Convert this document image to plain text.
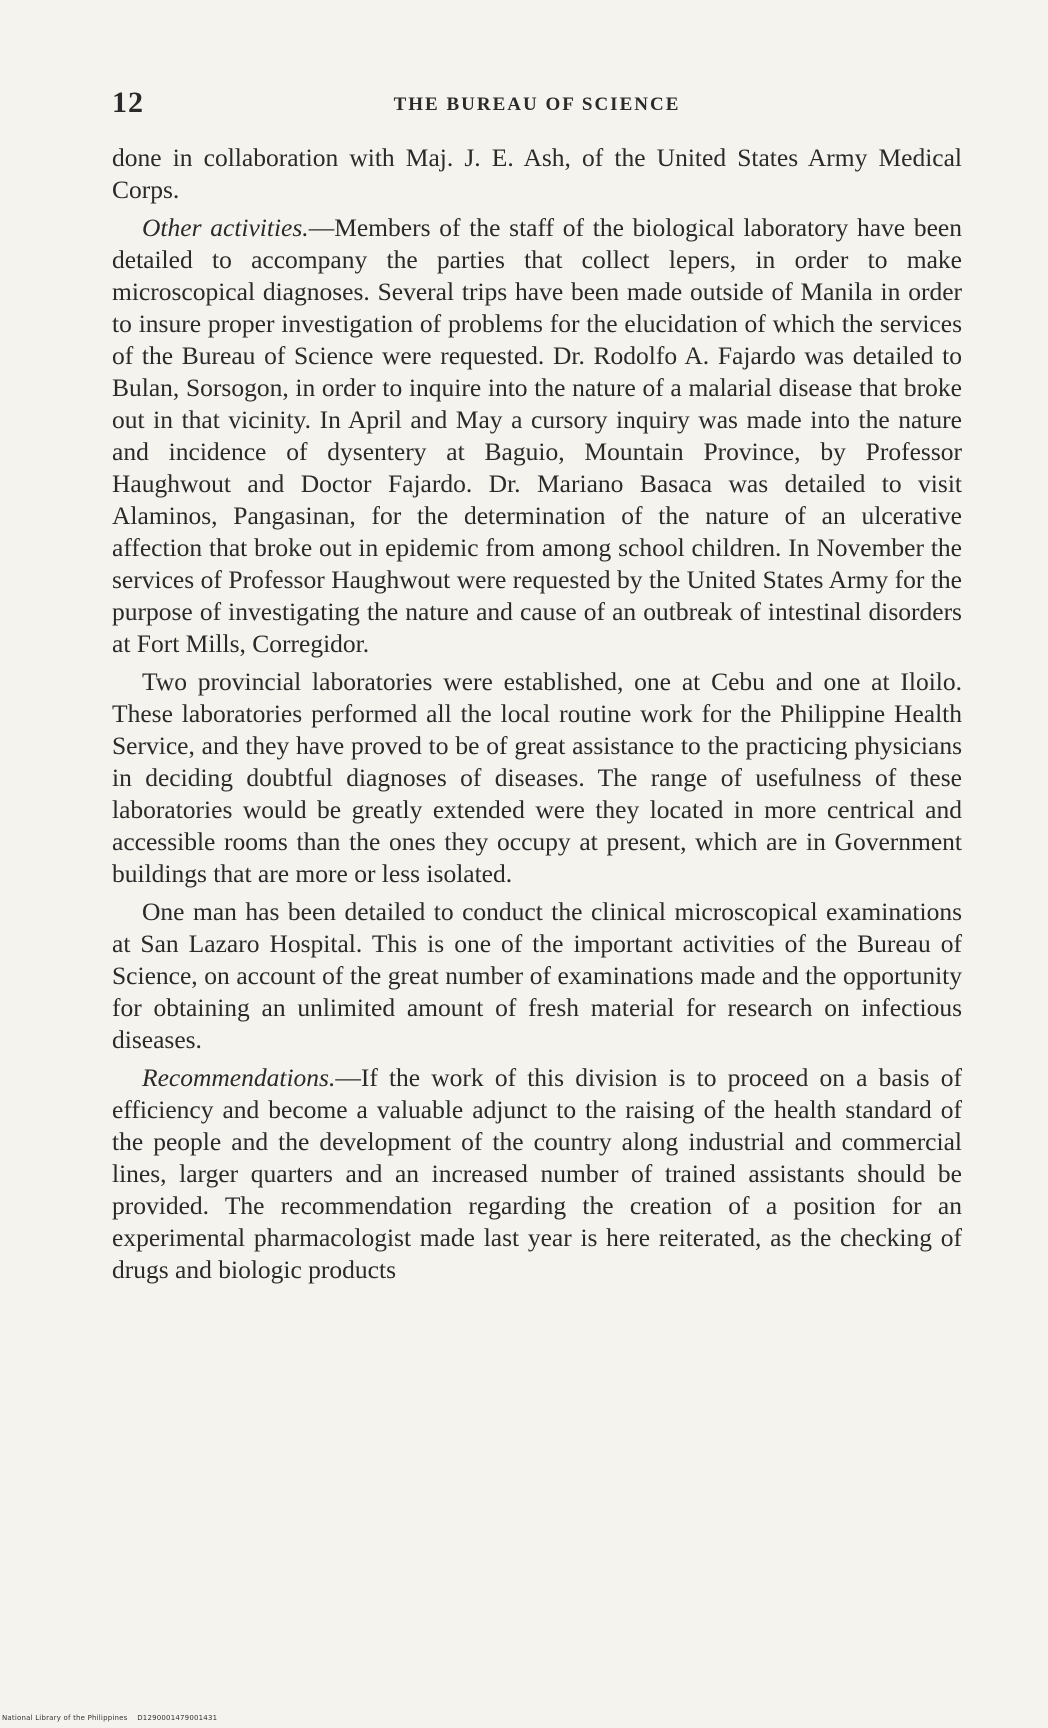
12	THE BUREAU OF SCIENCE

done in collaboration with Maj. J. E. Ash, of the United States Army Medical Corps.

Other activities.—Members of the staff of the biological laboratory have been detailed to accompany the parties that collect lepers, in order to make microscopical diagnoses. Several trips have been made outside of Manila in order to insure proper investigation of problems for the elucidation of which the services of the Bureau of Science were requested. Dr. Rodolfo A. Fajardo was detailed to Bulan, Sorsogon, in order to inquire into the nature of a malarial disease that broke out in that vicinity. In April and May a cursory inquiry was made into the nature and incidence of dysentery at Baguio, Mountain Province, by Professor Haughwout and Doctor Fajardo. Dr. Mariano Basaca was detailed to visit Alaminos, Pangasinan, for the determination of the nature of an ulcerative affection that broke out in epidemic from among school children. In November the services of Professor Haughwout were requested by the United States Army for the purpose of investigating the nature and cause of an outbreak of intestinal disorders at Fort Mills, Corregidor.

Two provincial laboratories were established, one at Cebu and one at Iloilo. These laboratories performed all the local routine work for the Philippine Health Service, and they have proved to be of great assistance to the practicing physicians in deciding doubtful diagnoses of diseases. The range of usefulness of these laboratories would be greatly extended were they located in more centrical and accessible rooms than the ones they occupy at present, which are in Government buildings that are more or less isolated.

One man has been detailed to conduct the clinical microscopical examinations at San Lazaro Hospital. This is one of the important activities of the Bureau of Science, on account of the great number of examinations made and the opportunity for obtaining an unlimited amount of fresh material for research on infectious diseases.

Recommendations.—If the work of this division is to proceed on a basis of efficiency and become a valuable adjunct to the raising of the health standard of the people and the development of the country along industrial and commercial lines, larger quarters and an increased number of trained assistants should be provided. The recommendation regarding the creation of a position for an experimental pharmacologist made last year is here reiterated, as the checking of drugs and biologic products

National Library of the Philippines D1290001479001431
